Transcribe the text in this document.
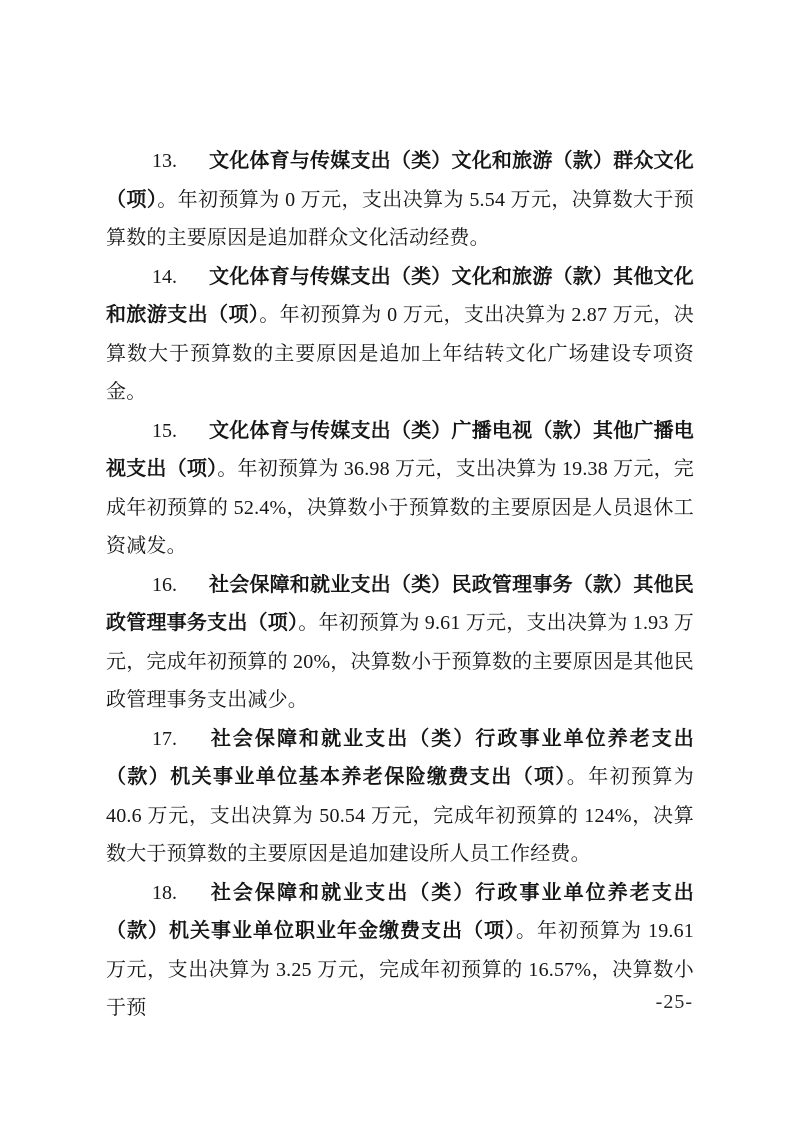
13. 文化体育与传媒支出（类）文化和旅游（款）群众文化（项）。年初预算为 0 万元，支出决算为 5.54 万元，决算数大于预算数的主要原因是追加群众文化活动经费。

14. 文化体育与传媒支出（类）文化和旅游（款）其他文化和旅游支出（项）。年初预算为 0 万元，支出决算为 2.87 万元，决算数大于预算数的主要原因是追加上年结转文化广场建设专项资金。

15. 文化体育与传媒支出（类）广播电视（款）其他广播电视支出（项）。年初预算为 36.98 万元，支出决算为 19.38 万元，完成年初预算的 52.4%，决算数小于预算数的主要原因是人员退休工资减发。

16. 社会保障和就业支出（类）民政管理事务（款）其他民政管理事务支出（项）。年初预算为 9.61 万元，支出决算为 1.93 万元，完成年初预算的 20%，决算数小于预算数的主要原因是其他民政管理事务支出减少。

17. 社会保障和就业支出（类）行政事业单位养老支出（款）机关事业单位基本养老保险缴费支出（项）。年初预算为 40.6 万元，支出决算为 50.54 万元，完成年初预算的 124%，决算数大于预算数的主要原因是追加建设所人员工作经费。

18. 社会保障和就业支出（类）行政事业单位养老支出（款）机关事业单位职业年金缴费支出（项）。年初预算为 19.61 万元，支出决算为 3.25 万元，完成年初预算的 16.57%，决算数小于预	-25-
